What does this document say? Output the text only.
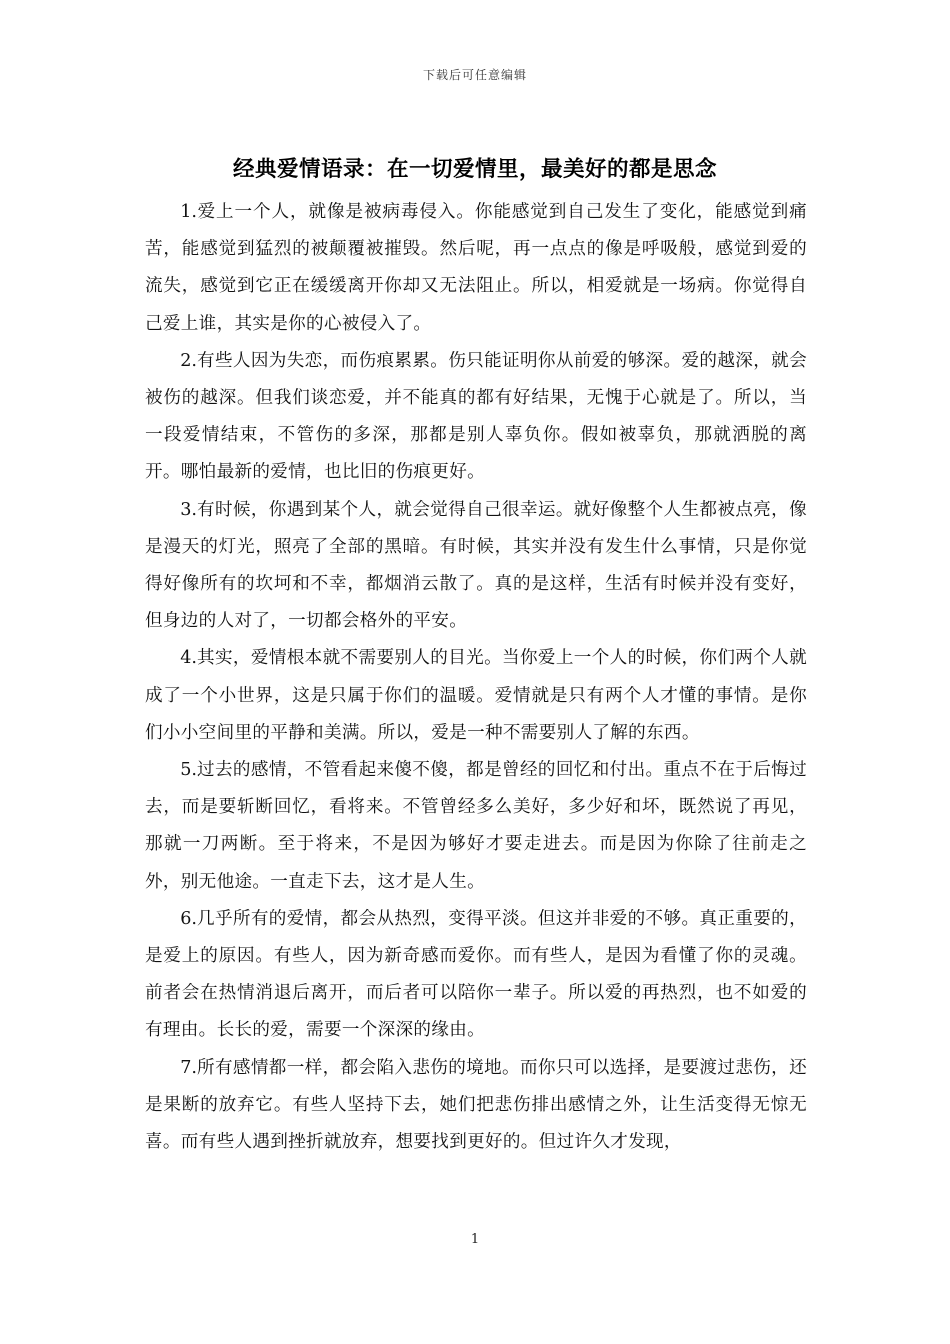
下载后可任意编辑
经典爱情语录：在一切爱情里，最美好的都是思念

1.爱上一个人，就像是被病毒侵入。你能感觉到自己发生了变化，能感觉到痛苦，能感觉到猛烈的被颠覆被摧毁。然后呢，再一点点的像是呼吸般，感觉到爱的流失，感觉到它正在缓缓离开你却又无法阻止。所以，相爱就是一场病。你觉得自己爱上谁，其实是你的心被侵入了。

2.有些人因为失恋，而伤痕累累。伤只能证明你从前爱的够深。爱的越深，就会被伤的越深。但我们谈恋爱，并不能真的都有好结果，无愧于心就是了。所以，当一段爱情结束，不管伤的多深，那都是别人辜负你。假如被辜负，那就洒脱的离开。哪怕最新的爱情，也比旧的伤痕更好。

3.有时候，你遇到某个人，就会觉得自己很幸运。就好像整个人生都被点亮，像是漫天的灯光，照亮了全部的黑暗。有时候，其实并没有发生什么事情，只是你觉得好像所有的坎坷和不幸，都烟消云散了。真的是这样，生活有时候并没有变好，但身边的人对了，一切都会格外的平安。

4.其实，爱情根本就不需要别人的目光。当你爱上一个人的时候，你们两个人就成了一个小世界，这是只属于你们的温暖。爱情就是只有两个人才懂的事情。是你们小小空间里的平静和美满。所以，爱是一种不需要别人了解的东西。

5.过去的感情，不管看起来傻不傻，都是曾经的回忆和付出。重点不在于后悔过去，而是要斩断回忆，看将来。不管曾经多么美好，多少好和坏，既然说了再见，那就一刀两断。至于将来，不是因为够好才要走进去。而是因为你除了往前走之外，别无他途。一直走下去，这才是人生。

6.几乎所有的爱情，都会从热烈，变得平淡。但这并非爱的不够。真正重要的，是爱上的原因。有些人，因为新奇感而爱你。而有些人，是因为看懂了你的灵魂。前者会在热情消退后离开，而后者可以陪你一辈子。所以爱的再热烈，也不如爱的有理由。长长的爱，需要一个深深的缘由。

7.所有感情都一样，都会陷入悲伤的境地。而你只可以选择，是要渡过悲伤，还是果断的放弃它。有些人坚持下去，她们把悲伤排出感情之外，让生活变得无惊无喜。而有些人遇到挫折就放弃，想要找到更好的。但过许久才发现，

1
